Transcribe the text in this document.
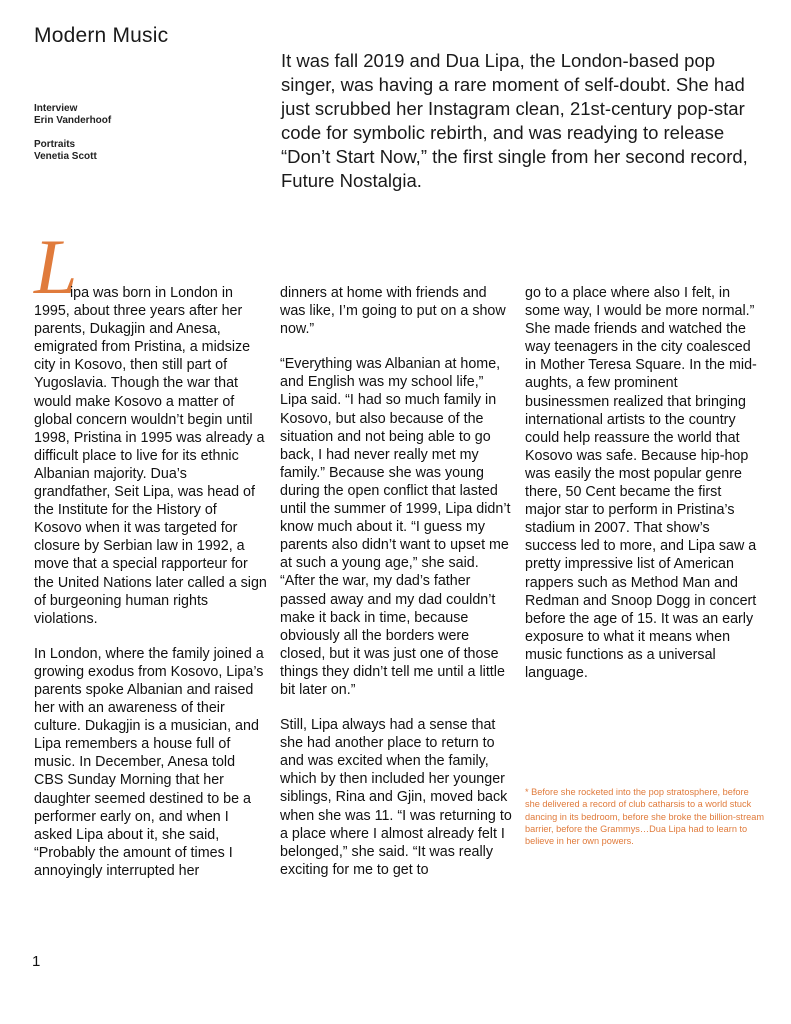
Modern Music
Interview
Erin Vanderhoof
Portraits
Venetia Scott
It was fall 2019 and Dua Lipa, the London-based pop singer, was having a rare moment of self-doubt. She had just scrubbed her Instagram clean, 21st-century pop-star code for symbolic rebirth, and was readying to release “Don’t Start Now,” the first single from her second record, Future Nostalgia.
L

ipa was born in London in 1995, about three years after her parents, Dukagjin and Anesa, emigrated from Pristina, a midsize city in Kosovo, then still part of Yugoslavia. Though the war that would make Kosovo a matter of global concern wouldn’t begin until 1998, Pristina in 1995 was already a difficult place to live for its ethnic Albanian majority. Dua’s grandfather, Seit Lipa, was head of the Institute for the History of Kosovo when it was targeted for closure by Serbian law in 1992, a move that a special rapporteur for the United Nations later called a sign of burgeoning human rights violations.

In London, where the family joined a growing exodus from Kosovo, Lipa’s parents spoke Albanian and raised her with an awareness of their culture. Dukagjin is a musician, and Lipa remembers a house full of music. In December, Anesa told CBS Sunday Morning that her daughter seemed destined to be a performer early on, and when I asked Lipa about it, she said, “Probably the amount of times I annoyingly interrupted her

dinners at home with friends and was like, I’m going to put on a show now.”

“Everything was Albanian at home, and English was my school life,” Lipa said. “I had so much family in Kosovo, but also because of the situation and not being able to go back, I had never really met my family.” Because she was young during the open conflict that lasted until the summer of 1999, Lipa didn’t know much about it. “I guess my parents also didn’t want to upset me at such a young age,” she said. “After the war, my dad’s father passed away and my dad couldn’t make it back in time, because obviously all the borders were closed, but it was just one of those things they didn’t tell me until a little bit later on.”

Still, Lipa always had a sense that she had another place to return to and was excited when the family, which by then included her younger siblings, Rina and Gjin, moved back when she was 11. “I was returning to a place where I almost already felt I belonged,” she said. “It was really exciting for me to get to

go to a place where also I felt, in some way, I would be more normal.” She made friends and watched the way teenagers in the city coalesced in Mother Teresa Square. In the mid-aughts, a few prominent businessmen realized that bringing international artists to the country could help reassure the world that Kosovo was safe. Because hip-hop was easily the most popular genre there, 50 Cent became the first major star to perform in Pristina’s stadium in 2007. That show’s success led to more, and Lipa saw a pretty impressive list of American rappers such as Method Man and Redman and Snoop Dogg in concert before the age of 15. It was an early exposure to what it means when music functions as a universal language.

* Before she rocketed into the pop stratosphere, before she delivered a record of club catharsis to a world stuck dancing in its bedroom, before she broke the billion-stream barrier, before the Grammys…Dua Lipa had to learn to believe in her own powers.
1
